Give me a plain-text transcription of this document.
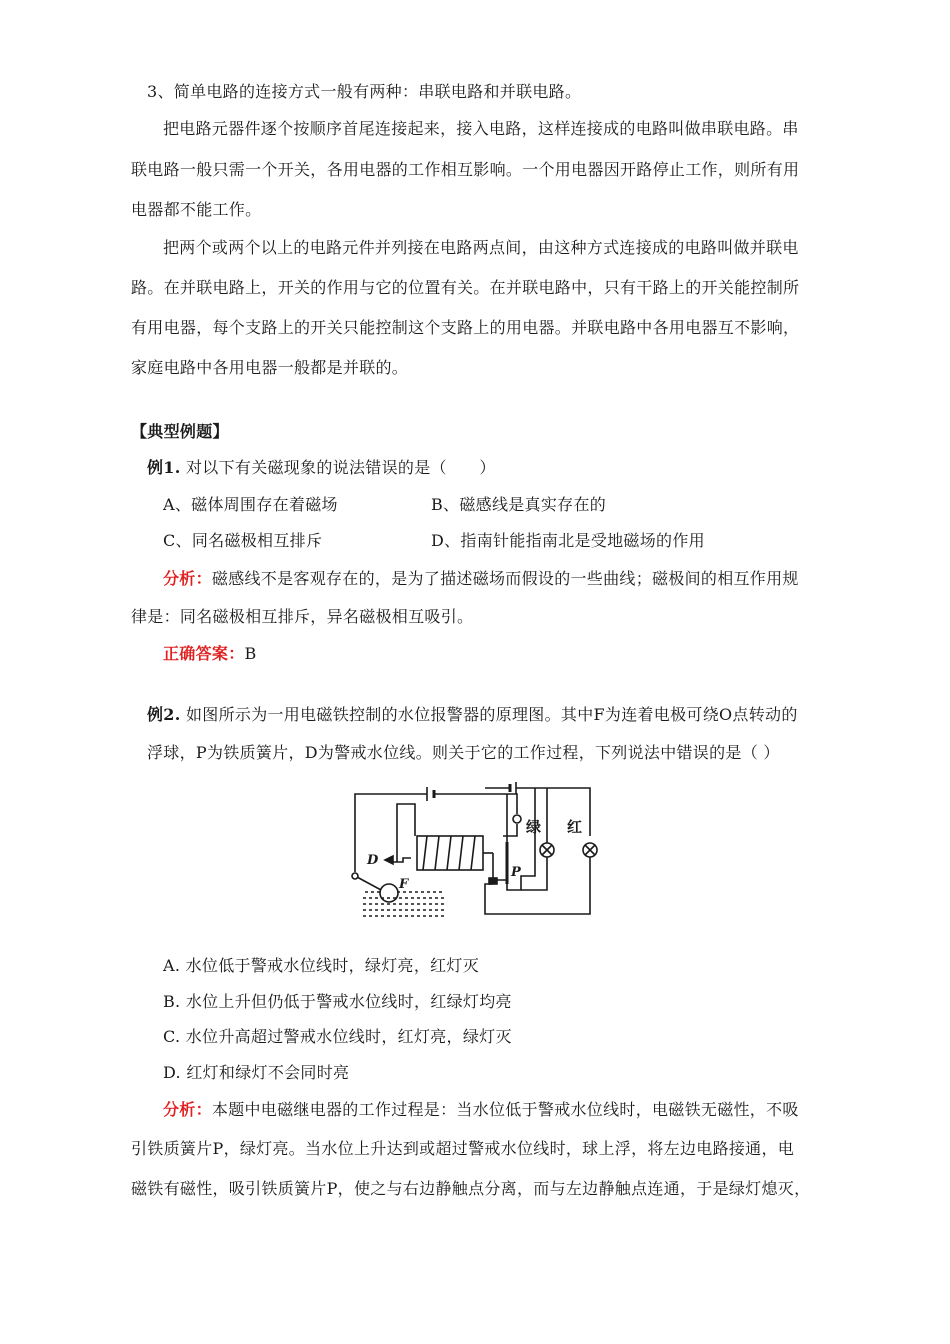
3、简单电路的连接方式一般有两种：串联电路和并联电路。
把电路元器件逐个按顺序首尾连接起来，接入电路，这样连接成的电路叫做串联电路。串
联电路一般只需一个开关，各用电器的工作相互影响。一个用电器因开路停止工作，则所有用
电器都不能工作。
把两个或两个以上的电路元件并列接在电路两点间，由这种方式连接成的电路叫做并联电
路。在并联电路上，开关的作用与它的位置有关。在并联电路中，只有干路上的开关能控制所
有用电器，每个支路上的开关只能控制这个支路上的用电器。并联电路中各用电器互不影响，
家庭电路中各用电器一般都是并联的。
【典型例题】
例1. 对以下有关磁现象的说法错误的是（　　）
A、磁体周围存在着磁场	B、磁感线是真实存在的
C、同名磁极相互排斥	D、指南针能指南北是受地磁场的作用
分析：磁感线不是客观存在的，是为了描述磁场而假设的一些曲线；磁极间的相互作用规
律是：同名磁极相互排斥，异名磁极相互吸引。
正确答案：B
例2. 如图所示为一用电磁铁控制的水位报警器的原理图。其中F为连着电极可绕O点转动的
浮球，P为铁质簧片，D为警戒水位线。则关于它的工作过程，下列说法中错误的是（ ）
绿 红
D
F
P
A. 水位低于警戒水位线时，绿灯亮，红灯灭
B. 水位上升但仍低于警戒水位线时，红绿灯均亮
C. 水位升高超过警戒水位线时，红灯亮，绿灯灭
D. 红灯和绿灯不会同时亮
分析：本题中电磁继电器的工作过程是：当水位低于警戒水位线时，电磁铁无磁性，不吸
引铁质簧片P，绿灯亮。当水位上升达到或超过警戒水位线时，球上浮，将左边电路接通，电
磁铁有磁性，吸引铁质簧片P，使之与右边静触点分离，而与左边静触点连通，于是绿灯熄灭，
